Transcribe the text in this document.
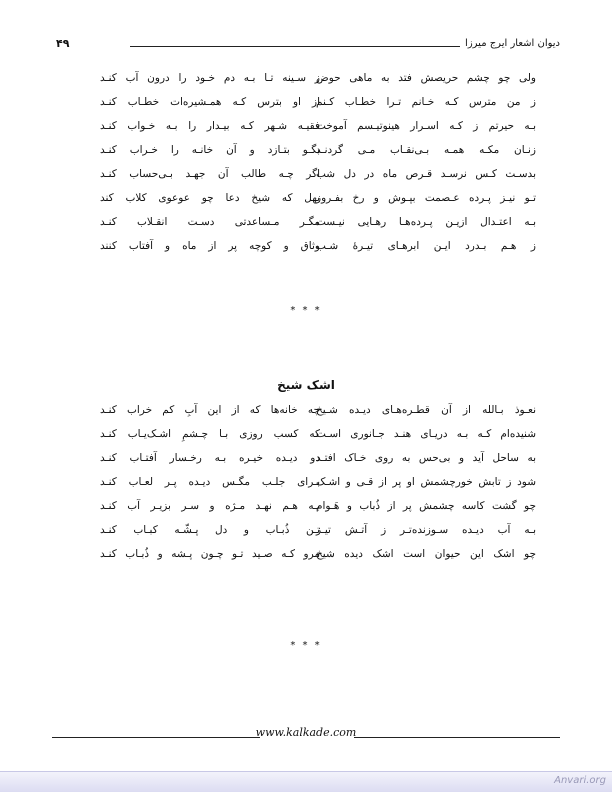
۴۹	دیوان اشعار ایرج میرزا
ولی چو چشم حریصش فتد به ماهی حوض
ز من مترس کـه خـانم تـرا خطـاب کـنم
بـه حیرتم ز کـه اسـرار هینوتیـسم آموخت
زنـان مکـه همـه بـی‌نقـاب مـی گردنـد
بدسـت کـس نرسـد قـرص ماه در دل شب
تـو نیـز پـرده عـصمت بپـوش و رخ بفـروز
بـه اعتـدال ازیـن پـرده‌هـا رهـایی نیـست
ز هـم بـدرد ایـن ابرهـای تیـرهٔ شـب
ز سـینه تـا بـه دم خـود را درون آب کنـد
از او بترس کـه همـشیره‌ات خطـاب کنـد
فقیـه شـهر کـه بیـدار را بـه خـواب کنـد
بگـو بتـازد و آن خانـه را خـراب کنـد
اگر چـه طالب آن جهـد بـی‌حساب کنـد
بهل که شیخ دعا چو عوعوی کلاب کند
مگـر مـساعدتی دسـت انقـلاب کنـد
وثاق و کوچه پر از ماه و آفتاب کنند
* * *
اشک شیخ
نعـوذ بـالله از آن قطـره‌هـای دیـده شـیخ
شنیده‌ام کـه بـه دریـای هنـد جـانوری اسـت
به ساحل آید و بی‌حس به روی خـاک افتـد
شود ز تابش خورچشمش او پر از قـی و اشـک
چو گشت کاسه چشمش پر از ذُباب و هَـوام
بـه آب دیـده سـوزنده‌تـر ز آتـش تیـز
چو اشک این حیوان است اشک دیده شیخ
چه خانه‌ها که از این آبِ کم خراب کنـد
که کسب روزی بـا چـشمِ اشـک‌یـاب کنـد
دو دیـده خیـره بـه رخـسار آفتـاب کنـد
بـرای جلـب مگـس دیـده پـر لعـاب کنـد
بـه هـم نهـد مـژه و سـر بزیـر آب کنـد
تـن ذُبـاب و دل پـشّـه کبـاب کنـد
مرو کـه صـید تـو چـون پـشه و ذُبـاب کنـد
* * *
www.kalkade.com
Anvari.org
